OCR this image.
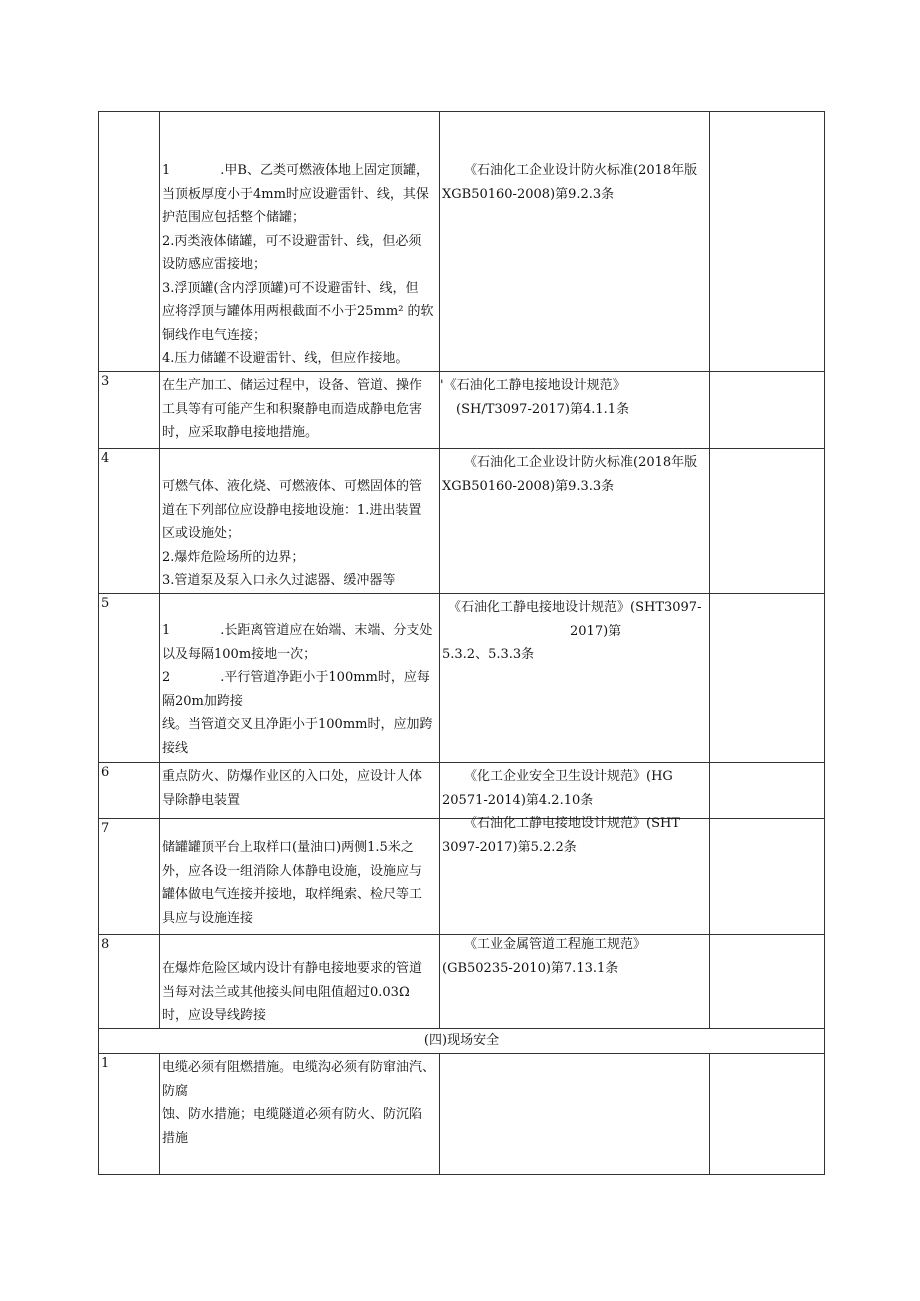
1	.甲B、乙类可燃液体地上固定顶罐，

当顶板厚度小于4mm时应设避雷针、线，其保

护范围应包括整个储罐；

2.丙类液体储罐，可不设避雷针、线，但必须

设防感应雷接地；

3.浮顶罐(含内浮顶罐)可不设避雷针、线，但

应将浮顶与罐体用两根截面不小于25mm² 的软

铜线作电气连接；

4.压力储罐不设避雷针、线，但应作接地。

《石油化工企业设计防火标准(2018年版

XGB50160-2008)第9.2.3条

3	在生产加工、储运过程中，设备、管道、操作

工具等有可能产生和积聚静电而造成静电危害

时，应采取静电接地措施。

'《石油化工静电接地设计规范》

(SH/T3097-2017)第4.1.1条

4

可燃气体、液化烧、可燃液体、可燃固体的管

道在下列部位应设静电接地设施：1.进出装置

区或设施处；

2.爆炸危险场所的边界；

3.管道泵及泵入口永久过滤器、缓冲器等

《石油化工企业设计防火标准(2018年版

XGB50160-2008)第9.3.3条

5

1	.长距离管道应在始端、末端、分支处

以及每隔100m接地一次；

2	.平行管道净距小于100mm时，应每

隔20m加跨接

线。当管道交叉且净距小于100mm时，应加跨

接线

《石油化工静电接地设计规范》(SHT3097-

2017)第

5.3.2、5.3.3条

6	重点防火、防爆作业区的入口处，应设计人体

导除静电装置

《化工企业安全卫生设计规范》(HG

20571-2014)第4.2.10条

7

储罐罐顶平台上取样口(量油口)两侧1.5米之

外，应各设一组消除人体静电设施，设施应与

罐体做电气连接并接地，取样绳索、检尺等工

具应与设施连接

《石油化工静电接地设计规范》(SHT

3097-2017)第5.2.2条

8

在爆炸危险区域内设计有静电接地要求的管道

当每对法兰或其他接头间电阻值超过0.03Ω

时，应设导线跨接

《工业金属管道工程施工规范》

(GB50235-2010)第7.13.1条

(四)现场安全
1	电缆必须有阻燃措施。电缆沟必须有防窜油汽、

防腐

蚀、防水措施；电缆隧道必须有防火、防沉陷

措施
